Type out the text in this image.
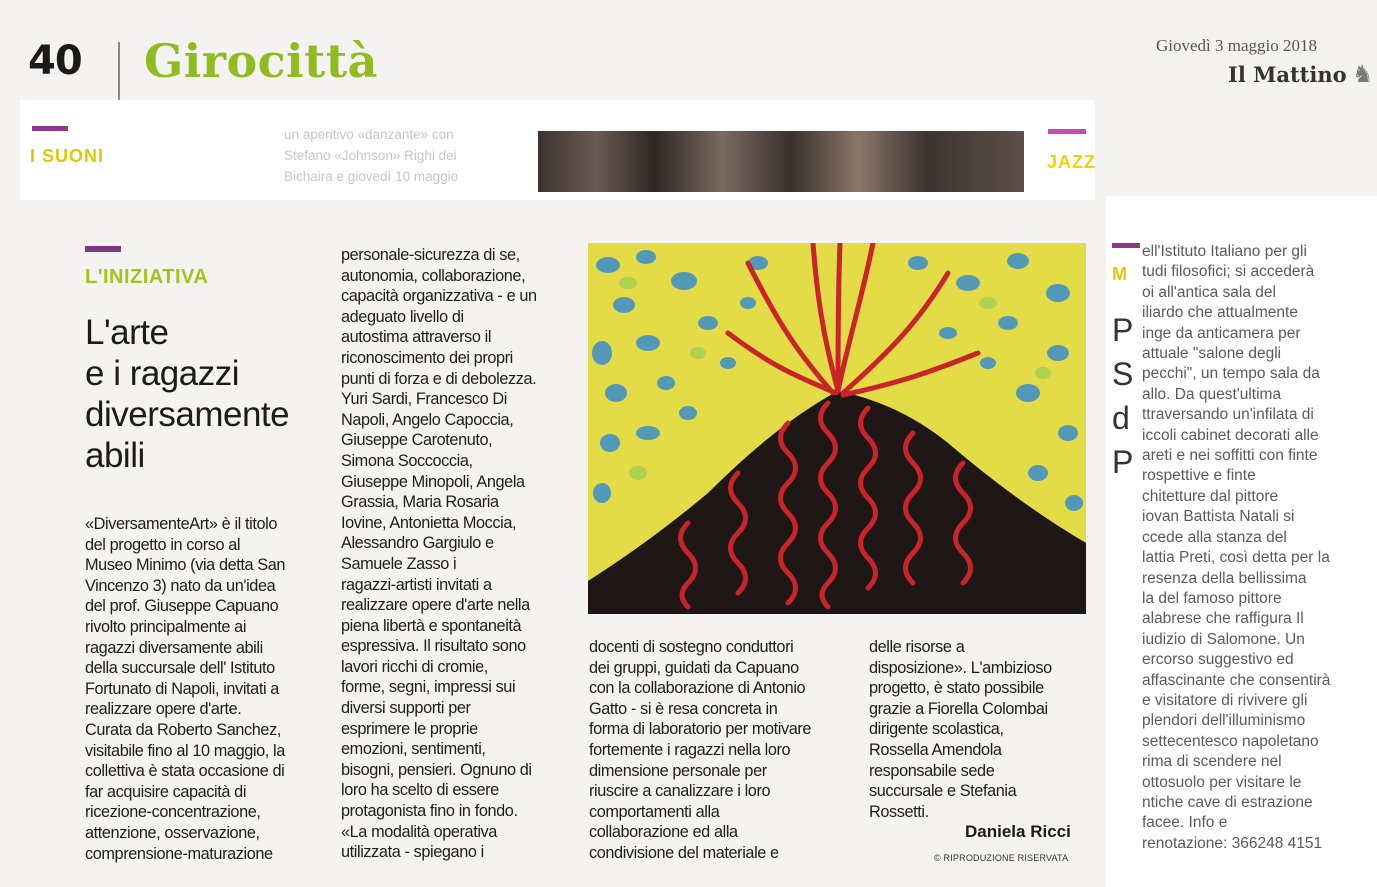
40 Girocittà	Giovedì 3 maggio 2018
Il Mattino ♞
I SUONI
un aperitivo «danzante» con
Stefano «Johnson» Righi dei
Bichaira e giovedì 10 maggio
JAZZ
M
P
S
d
P
ell'Istituto Italiano per gli
tudi filosofici; si accederà
oi all'antica sala del
iliardo che attualmente
inge da anticamera per
attuale "salone degli
pecchi", un tempo sala da
allo. Da quest'ultima
ttraversando un'infilata di
iccoli cabinet decorati alle
areti e nei soffitti con finte
rospettive e finte
chitetture dal pittore
iovan Battista Natali si
ccede alla stanza del
lattia Preti, così detta per la
resenza della bellissima
la del famoso pittore
alabrese che raffigura Il
iudizio di Salomone. Un
ercorso suggestivo ed
affascinante che consentirà
e visitatore di rivivere gli
plendori dell'illuminismo
settecentesco napoletano
rima di scendere nel
ottosuolo per visitare le
ntiche cave di estrazione
facee. Info e
renotazione: 366248 4151
L'INIZIATIVA
L'arte
e i ragazzi
diversamente
abili
«DiversamenteArt» è il titolo
del progetto in corso al
Museo Minimo (via detta San
Vincenzo 3) nato da un'idea
del prof. Giuseppe Capuano
rivolto principalmente ai
ragazzi diversamente abili
della succursale dell' Istituto
Fortunato di Napoli, invitati a
realizzare opere d'arte.
Curata da Roberto Sanchez,
visitabile fino al 10 maggio, la
collettiva è stata occasione di
far acquisire capacità di
ricezione-concentrazione,
attenzione, osservazione,
comprensione-maturazione
personale-sicurezza di se,
autonomia, collaborazione,
capacità organizzativa - e un
adeguato livello di
autostima attraverso il
riconoscimento dei propri
punti di forza e di debolezza.
Yuri Sardi, Francesco Di
Napoli, Angelo Capoccia,
Giuseppe Carotenuto,
Simona Soccoccia,
Giuseppe Minopoli, Angela
Grassia, Maria Rosaria
Iovine, Antonietta Moccia,
Alessandro Gargiulo e
Samuele Zasso i
ragazzi-artisti invitati a
realizzare opere d'arte nella
piena libertà e spontaneità
espressiva. Il risultato sono
lavori ricchi di cromie,
forme, segni, impressi sui
diversi supporti per
esprimere le proprie
emozioni, sentimenti,
bisogni, pensieri. Ognuno di
loro ha scelto di essere
protagonista fino in fondo.
«La modalità operativa
utilizzata - spiegano i
docenti di sostegno conduttori
dei gruppi, guidati da Capuano
con la collaborazione di Antonio
Gatto - si è resa concreta in
forma di laboratorio per motivare
fortemente i ragazzi nella loro
dimensione personale per
riuscire a canalizzare i loro
comportamenti alla
collaborazione ed alla
condivisione del materiale e
delle risorse a
disposizione». L'ambizioso
progetto, è stato possibile
grazie a Fiorella Colombai
dirigente scolastica,
Rossella Amendola
responsabile sede
succursale e Stefania
Rossetti.
Daniela Ricci
© RIPRODUZIONE RISERVATA
